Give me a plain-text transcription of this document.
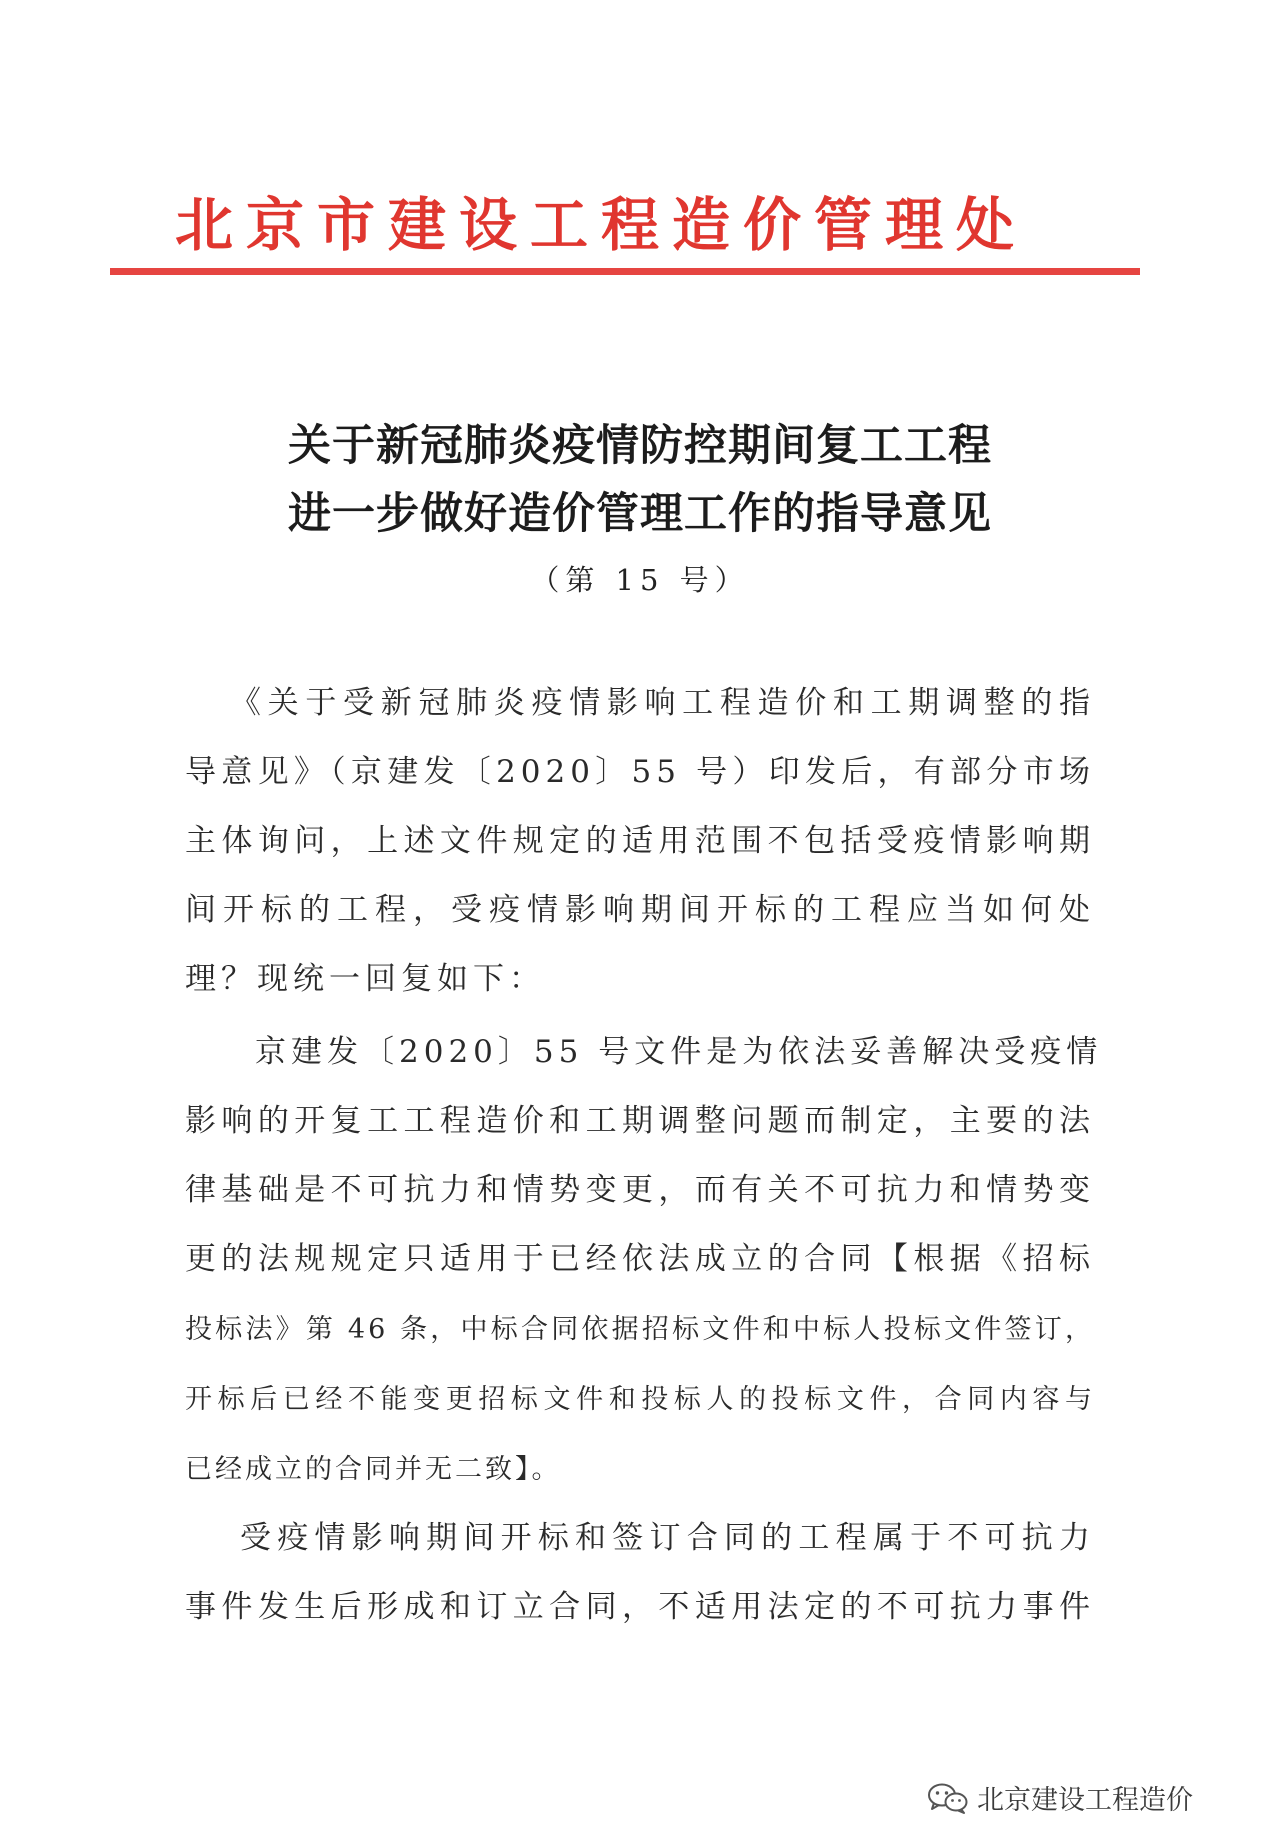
北京市建设工程造价管理处
关于新冠肺炎疫情防控期间复工工程
进一步做好造价管理工作的指导意见
（第 15 号）
《关于受新冠肺炎疫情影响工程造价和工期调整的指
导意见》（京建发〔2020〕55 号）印发后，有部分市场
主体询问，上述文件规定的适用范围不包括受疫情影响期
间开标的工程，受疫情影响期间开标的工程应当如何处
理？现统一回复如下：
京建发〔2020〕55 号文件是为依法妥善解决受疫情
影响的开复工工程造价和工期调整问题而制定，主要的法
律基础是不可抗力和情势变更，而有关不可抗力和情势变
更的法规规定只适用于已经依法成立的合同【根据《招标
投标法》第 46 条，中标合同依据招标文件和中标人投标文件签订，
开标后已经不能变更招标文件和投标人的投标文件，合同内容与
已经成立的合同并无二致】。
受疫情影响期间开标和签订合同的工程属于不可抗力
事件发生后形成和订立合同，不适用法定的不可抗力事件
北京建设工程造价
